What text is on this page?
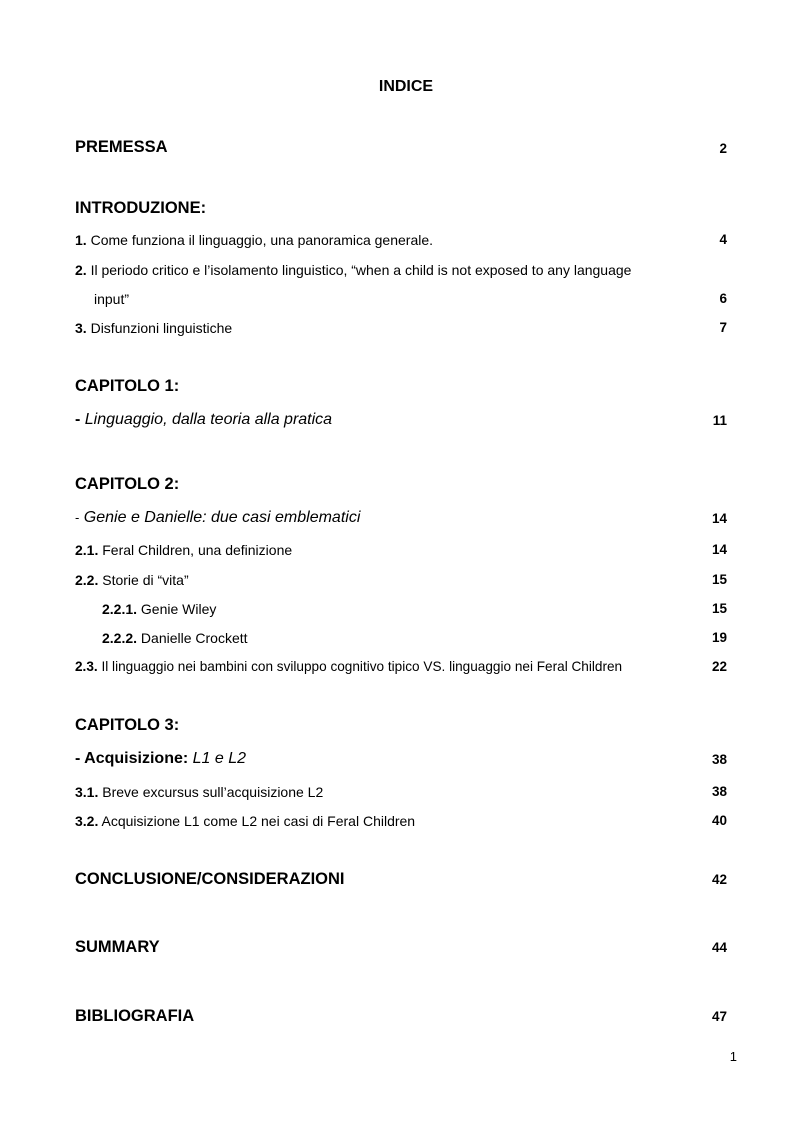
INDICE
PREMESSA	2
INTRODUZIONE:
1. Come funziona il linguaggio, una panoramica generale.	4
2. Il periodo critico e l’isolamento linguistico, “when a child is not exposed to any language
input”	6
3. Disfunzioni linguistiche	7
CAPITOLO 1:
- Linguaggio, dalla teoria alla pratica	11
CAPITOLO 2:
- Genie e Danielle: due casi emblematici	14
2.1. Feral Children, una definizione	14
2.2. Storie di “vita”	15
2.2.1. Genie Wiley	15
2.2.2. Danielle Crockett	19
2.3. Il linguaggio nei bambini con sviluppo cognitivo tipico VS. linguaggio nei Feral Children	22
CAPITOLO 3:
- Acquisizione: L1 e L2	38
3.1. Breve excursus sull’acquisizione L2	38
3.2. Acquisizione L1 come L2 nei casi di Feral Children	40
CONCLUSIONE/CONSIDERAZIONI	42
SUMMARY	44
BIBLIOGRAFIA	47
1
